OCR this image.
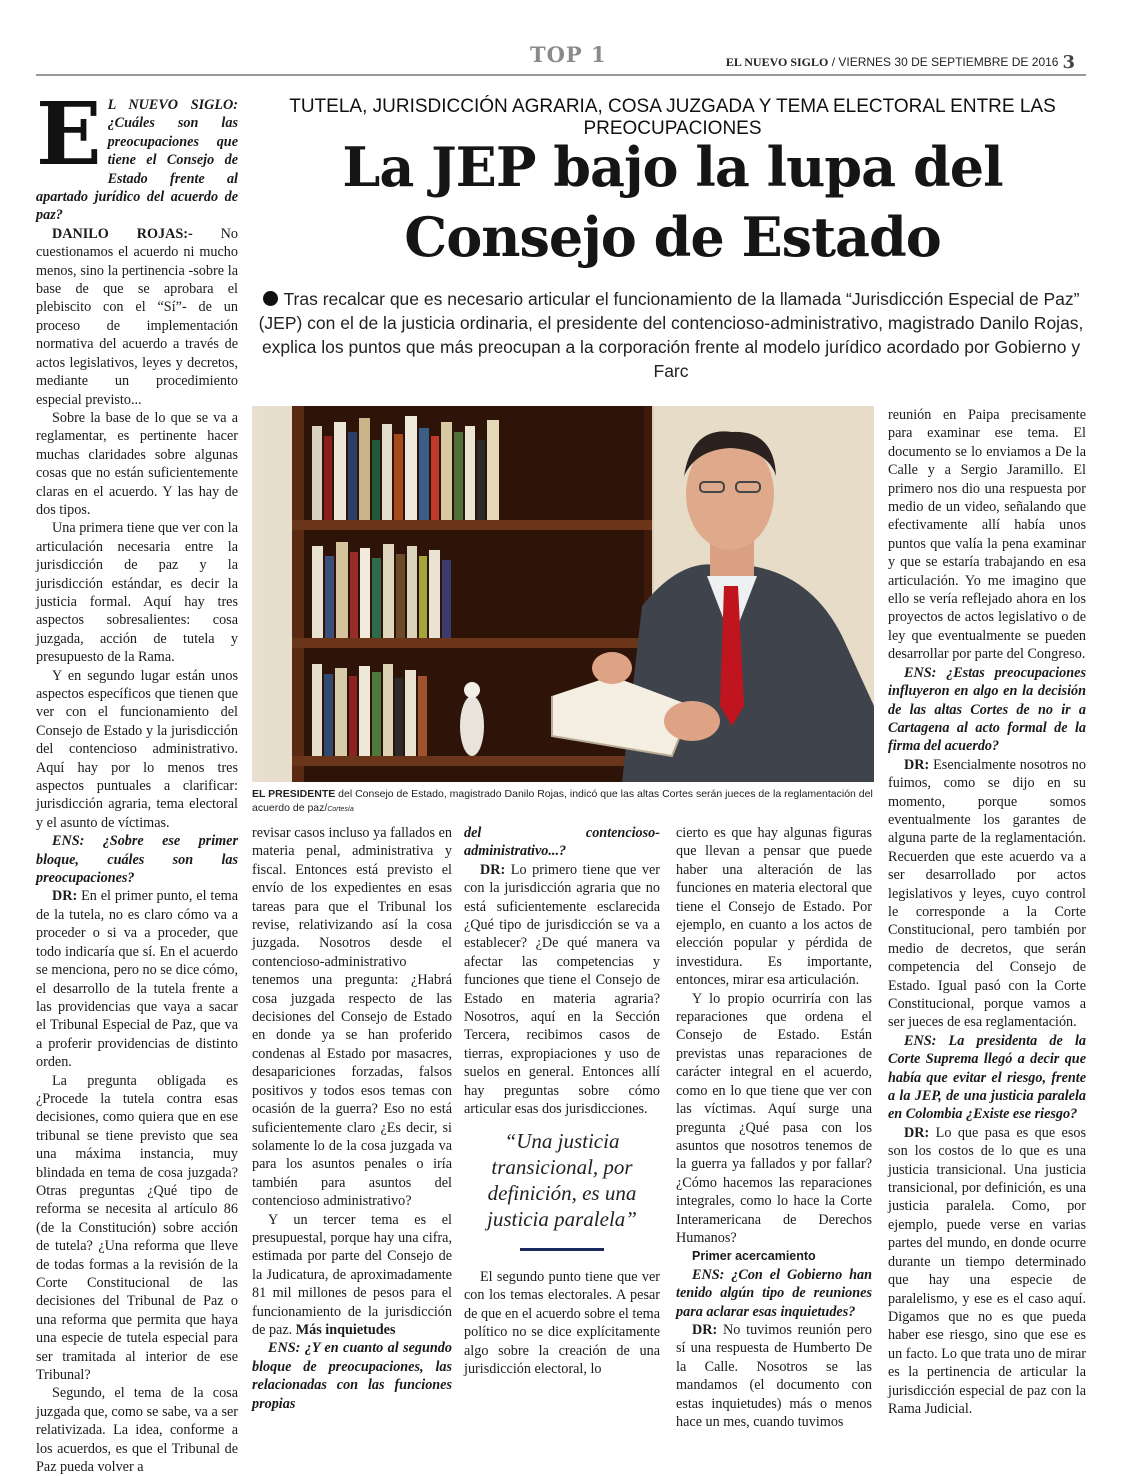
TOP 1	EL NUEVO SIGLO / VIERNES 30 DE SEPTIEMBRE DE 2016 3
TUTELA, JURISDICCIÓN AGRARIA, COSA JUZGADA Y TEMA ELECTORAL ENTRE LAS PREOCUPACIONES
La JEP bajo la lupa del Consejo de Estado
Tras recalcar que es necesario articular el funcionamiento de la llamada “Jurisdicción Especial de Paz” (JEP) con el de la justicia ordinaria, el presidente del contencioso-administrativo, magistrado Danilo Rojas, explica los puntos que más preocupan a la corporación frente al modelo jurídico acordado por Gobierno y Farc

E L NUEVO SIGLO: ¿Cuáles son las preocupaciones que tiene el Consejo de Estado frente al apartado jurídico del acuerdo de paz?

DANILO ROJAS:- No cuestionamos el acuerdo ni mucho menos, sino la pertinencia -sobre la base de que se aprobara el plebiscito con el “Sí”- de un proceso de implementación normativa del acuerdo a través de actos legislativos, leyes y decretos, mediante un procedimiento especial previsto...

Sobre la base de lo que se va a reglamentar, es pertinente hacer muchas claridades sobre algunas cosas que no están suficientemente claras en el acuerdo. Y las hay de dos tipos.

Una primera tiene que ver con la articulación necesaria entre la jurisdicción de paz y la jurisdicción estándar, es decir la justicia formal. Aquí hay tres aspectos sobresalientes: cosa juzgada, acción de tutela y presupuesto de la Rama.

Y en segundo lugar están unos aspectos específicos que tienen que ver con el funcionamiento del Consejo de Estado y la jurisdicción del contencioso administrativo. Aquí hay por lo menos tres aspectos puntuales a clarificar: jurisdicción agraria, tema electoral y el asunto de víctimas.

ENS: ¿Sobre ese primer bloque, cuáles son las preocupaciones?

DR: En el primer punto, el tema de la tutela, no es claro cómo va a proceder o si va a proceder, que todo indicaría que sí. En el acuerdo se menciona, pero no se dice cómo, el desarrollo de la tutela frente a las providencias que vaya a sacar el Tribunal Especial de Paz, que va a proferir providencias de distinto orden.

La pregunta obligada es ¿Procede la tutela contra esas decisiones, como quiera que en ese tribunal se tiene previsto que sea una máxima instancia, muy blindada en tema de cosa juzgada? Otras preguntas ¿Qué tipo de reforma se necesita al artículo 86 (de la Constitución) sobre acción de tutela? ¿Una reforma que lleve de todas formas a la revisión de la Corte Constitucional de las decisiones del Tribunal de Paz o una reforma que permita que haya una especie de tutela especial para ser tramitada al interior de ese Tribunal?

Segundo, el tema de la cosa juzgada que, como se sabe, va a ser relativizada. La idea, conforme a los acuerdos, es que el Tribunal de Paz pueda volver a

EL PRESIDENTE del Consejo de Estado, magistrado Danilo Rojas, indicó que las altas Cortes serán jueces de la reglamentación del acuerdo de paz/Cortesía

revisar casos incluso ya fallados en materia penal, administrativa y fiscal. Entonces está previsto el envío de los expedientes en esas tareas para que el Tribunal los revise, relativizando así la cosa juzgada. Nosotros desde el contencioso-administrativo tenemos una pregunta: ¿Habrá cosa juzgada respecto de las decisiones del Consejo de Estado en donde ya se han proferido condenas al Estado por masacres, desapariciones forzadas, falsos positivos y todos esos temas con ocasión de la guerra? Eso no está suficientemente claro ¿Es decir, si solamente lo de la cosa juzgada va para los asuntos penales o iría también para asuntos del contencioso administrativo?

Y un tercer tema es el presupuestal, porque hay una cifra, estimada por parte del Consejo de la Judicatura, de aproximadamente 81 mil millones de pesos para el funcionamiento de la jurisdicción de paz. Más inquietudes

ENS: ¿Y en cuanto al segundo bloque de preocupaciones, las relacionadas con las funciones propias

del contencioso-administrativo...?

DR: Lo primero tiene que ver con la jurisdicción agraria que no está suficientemente esclarecida ¿Qué tipo de jurisdicción se va a establecer? ¿De qué manera va afectar las competencias y funciones que tiene el Consejo de Estado en materia agraria? Nosotros, aquí en la Sección Tercera, recibimos casos de tierras, expropiaciones y uso de suelos en general. Entonces allí hay preguntas sobre cómo articular esas dos jurisdicciones.

“Una justicia transicional, por definición, es una justicia paralela”

El segundo punto tiene que ver con los temas electorales. A pesar de que en el acuerdo sobre el tema político no se dice explícitamente algo sobre la creación de una jurisdicción electoral, lo

cierto es que hay algunas figuras que llevan a pensar que puede haber una alteración de las funciones en materia electoral que tiene el Consejo de Estado. Por ejemplo, en cuanto a los actos de elección popular y pérdida de investidura. Es importante, entonces, mirar esa articulación.

Y lo propio ocurriría con las reparaciones que ordena el Consejo de Estado. Están previstas unas reparaciones de carácter integral en el acuerdo, como en lo que tiene que ver con las víctimas. Aquí surge una pregunta ¿Qué pasa con los asuntos que nosotros tenemos de la guerra ya fallados y por fallar? ¿Cómo hacemos las reparaciones integrales, como lo hace la Corte Interamericana de Derechos Humanos?

Primer acercamiento

ENS: ¿Con el Gobierno han tenido algún tipo de reuniones para aclarar esas inquietudes?

DR: No tuvimos reunión pero sí una respuesta de Humberto De la Calle. Nosotros se las mandamos (el documento con estas inquietudes) más o menos hace un mes, cuando tuvimos

reunión en Paipa precisamente para examinar ese tema. El documento se lo enviamos a De la Calle y a Sergio Jaramillo. El primero nos dio una respuesta por medio de un video, señalando que efectivamente allí había unos puntos que valía la pena examinar y que se estaría trabajando en esa articulación. Yo me imagino que ello se vería reflejado ahora en los proyectos de actos legislativo o de ley que eventualmente se pueden desarrollar por parte del Congreso.

ENS: ¿Estas preocupaciones influyeron en algo en la decisión de las altas Cortes de no ir a Cartagena al acto formal de la firma del acuerdo?

DR: Esencialmente nosotros no fuimos, como se dijo en su momento, porque somos eventualmente los garantes de alguna parte de la reglamentación. Recuerden que este acuerdo va a ser desarrollado por actos legislativos y leyes, cuyo control le corresponde a la Corte Constitucional, pero también por medio de decretos, que serán competencia del Consejo de Estado. Igual pasó con la Corte Constitucional, porque vamos a ser jueces de esa reglamentación.

ENS: La presidenta de la Corte Suprema llegó a decir que había que evitar el riesgo, frente a la JEP, de una justicia paralela en Colombia ¿Existe ese riesgo?

DR: Lo que pasa es que esos son los costos de lo que es una justicia transicional. Una justicia transicional, por definición, es una justicia paralela. Como, por ejemplo, puede verse en varias partes del mundo, en donde ocurre durante un tiempo determinado que hay una especie de paralelismo, y ese es el caso aquí. Digamos que no es que pueda haber ese riesgo, sino que ese es un facto. Lo que trata uno de mirar es la pertinencia de articular la jurisdicción especial de paz con la Rama Judicial.
